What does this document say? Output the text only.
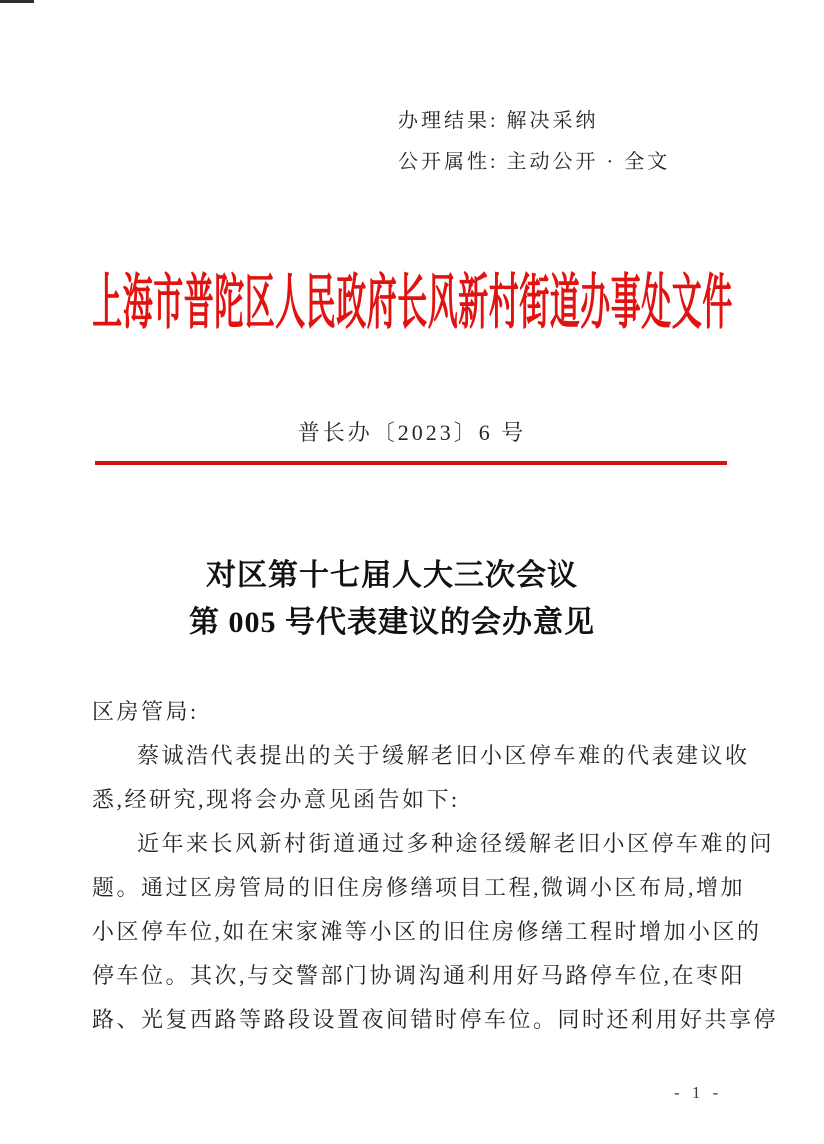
办理结果: 解决采纳
公开属性: 主动公开 · 全文
上海市普陀区人民政府长风新村街道办事处文件
普长办〔2023〕6 号
对区第十七届人大三次会议
第 005 号代表建议的会办意见
区房管局:
蔡诚浩代表提出的关于缓解老旧小区停车难的代表建议收
悉,经研究,现将会办意见函告如下:
近年来长风新村街道通过多种途径缓解老旧小区停车难的问
题。通过区房管局的旧住房修缮项目工程,微调小区布局,增加
小区停车位,如在宋家滩等小区的旧住房修缮工程时增加小区的
停车位。其次,与交警部门协调沟通利用好马路停车位,在枣阳
路、光复西路等路段设置夜间错时停车位。同时还利用好共享停
- 1 -
